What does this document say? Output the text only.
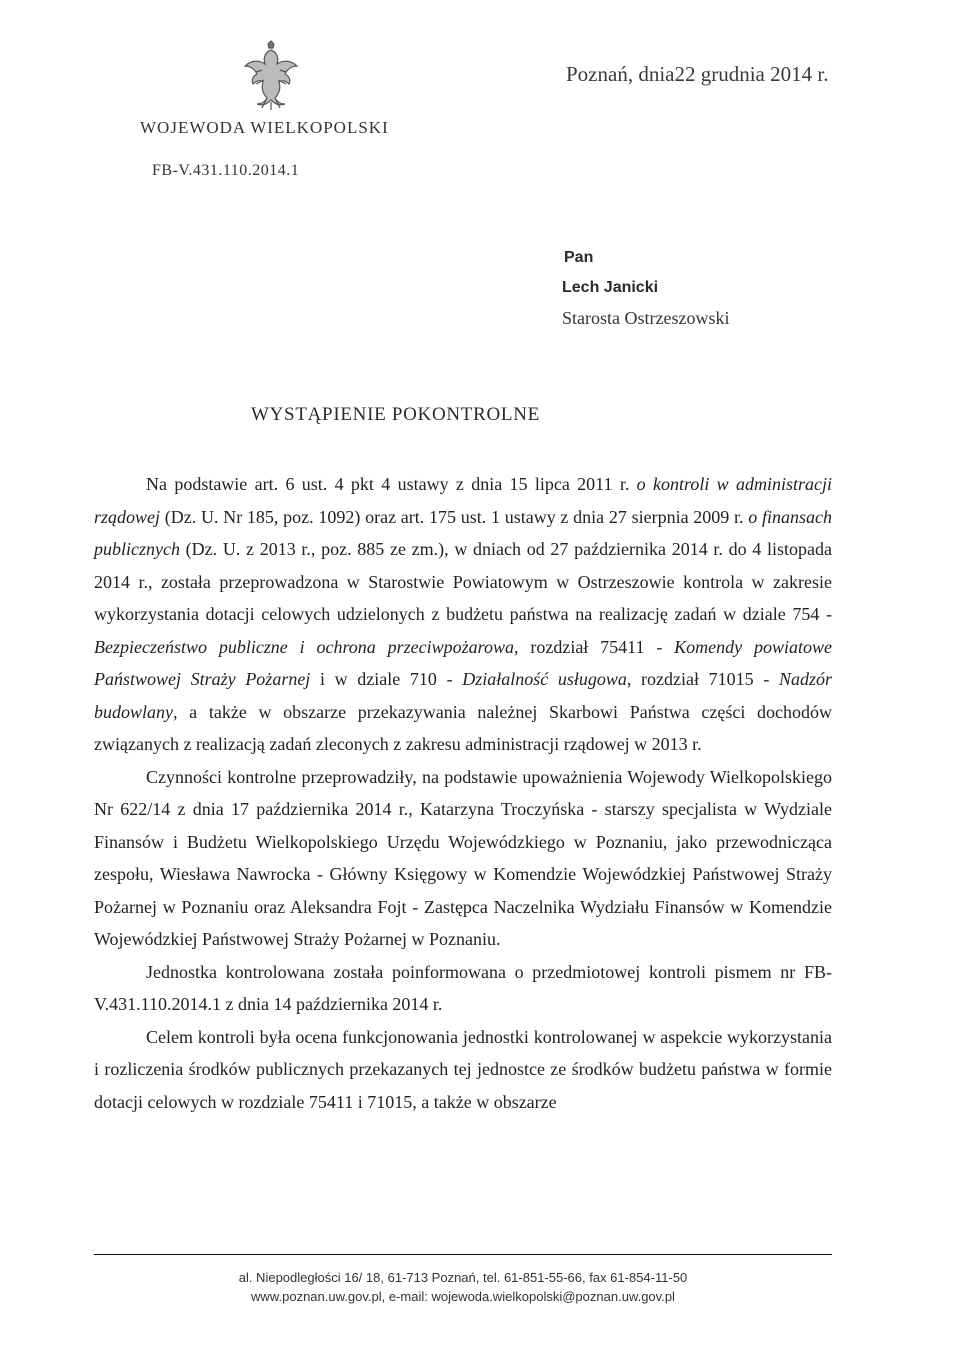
Poznań, dnia22 grudnia 2014 r.
WOJEWODA WIELKOPOLSKI
FB-V.431.110.2014.1
Pan
Lech Janicki
Starosta Ostrzeszowski
WYSTĄPIENIE POKONTROLNE

Na podstawie art. 6 ust. 4 pkt 4 ustawy z dnia 15 lipca 2011 r. o kontroli w administracji rządowej (Dz. U. Nr 185, poz. 1092) oraz art. 175 ust. 1 ustawy z dnia 27 sierpnia 2009 r. o finansach publicznych (Dz. U. z 2013 r., poz. 885 ze zm.), w dniach od 27 października 2014 r. do 4 listopada 2014 r., została przeprowadzona w Starostwie Powiatowym w Ostrzeszowie kontrola w zakresie wykorzystania dotacji celowych udzielonych z budżetu państwa na realizację zadań w dziale 754 - Bezpieczeństwo publiczne i ochrona przeciwpożarowa, rozdział 75411 - Komendy powiatowe Państwowej Straży Pożarnej i w dziale 710 - Działalność usługowa, rozdział 71015 - Nadzór budowlany, a także w obszarze przekazywania należnej Skarbowi Państwa części dochodów związanych z realizacją zadań zleconych z zakresu administracji rządowej w 2013 r.

Czynności kontrolne przeprowadziły, na podstawie upoważnienia Wojewody Wielkopolskiego Nr 622/14 z dnia 17 października 2014 r., Katarzyna Troczyńska - starszy specjalista w Wydziale Finansów i Budżetu Wielkopolskiego Urzędu Wojewódzkiego w Poznaniu, jako przewodnicząca zespołu, Wiesława Nawrocka - Główny Księgowy w Komendzie Wojewódzkiej Państwowej Straży Pożarnej w Poznaniu oraz Aleksandra Fojt - Zastępca Naczelnika Wydziału Finansów w Komendzie Wojewódzkiej Państwowej Straży Pożarnej w Poznaniu.

Jednostka kontrolowana została poinformowana o przedmiotowej kontroli pismem nr FB-V.431.110.2014.1 z dnia 14 października 2014 r.

Celem kontroli była ocena funkcjonowania jednostki kontrolowanej w aspekcie wykorzystania i rozliczenia środków publicznych przekazanych tej jednostce ze środków budżetu państwa w formie dotacji celowych w rozdziale 75411 i 71015, a także w obszarze

al. Niepodległości 16/ 18, 61-713 Poznań, tel. 61-851-55-66, fax 61-854-11-50
www.poznan.uw.gov.pl, e-mail: wojewoda.wielkopolski@poznan.uw.gov.pl
